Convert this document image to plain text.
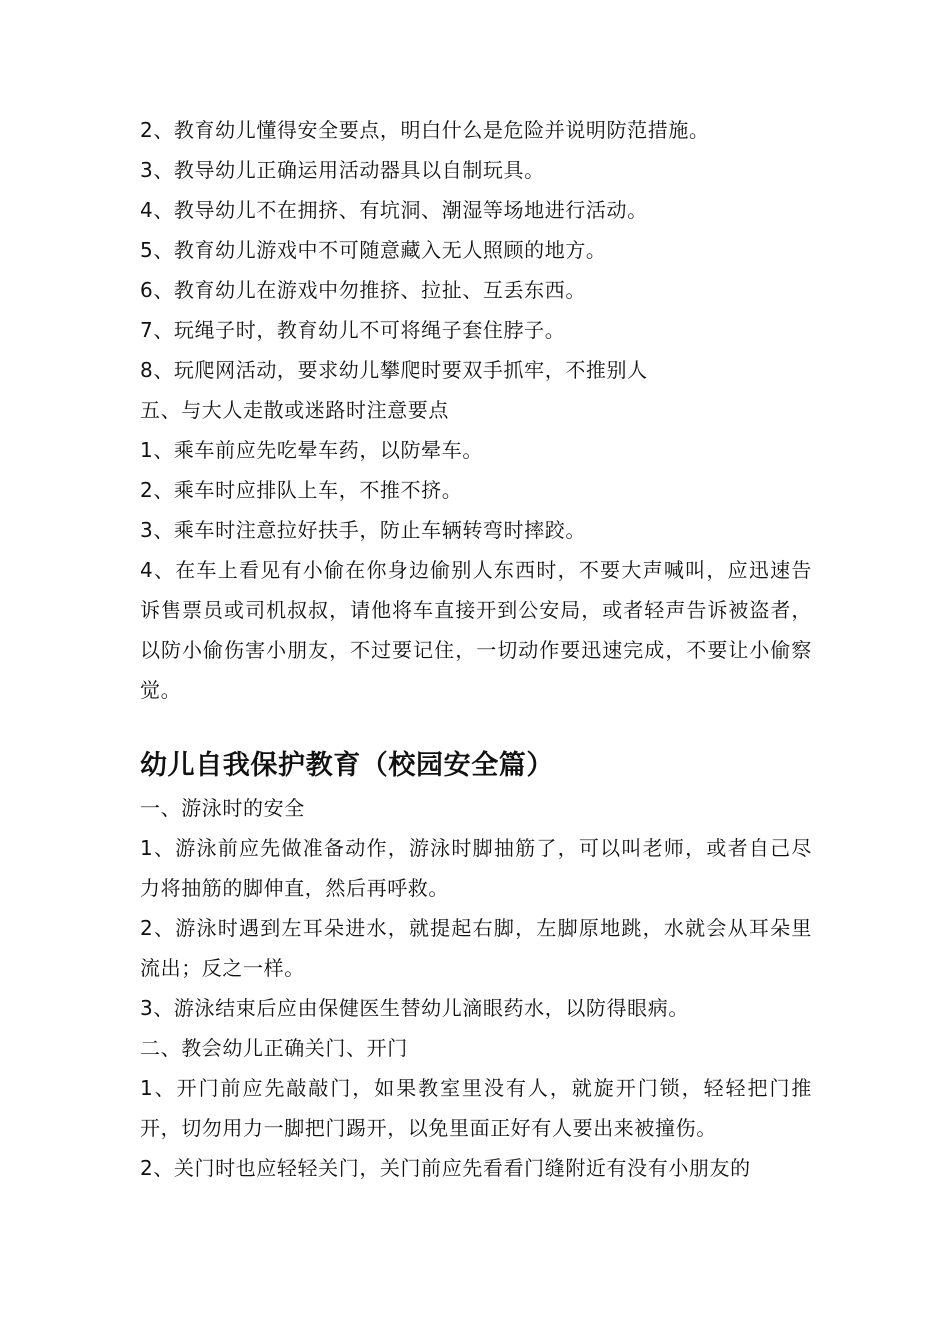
2、教育幼儿懂得安全要点，明白什么是危险并说明防范措施。

3、教导幼儿正确运用活动器具以自制玩具。

4、教导幼儿不在拥挤、有坑洞、潮湿等场地进行活动。

5、教育幼儿游戏中不可随意藏入无人照顾的地方。

6、教育幼儿在游戏中勿推挤、拉扯、互丢东西。

7、玩绳子时，教育幼儿不可将绳子套住脖子。

8、玩爬网活动，要求幼儿攀爬时要双手抓牢，不推别人

五、与大人走散或迷路时注意要点

1、乘车前应先吃晕车药，以防晕车。

2、乘车时应排队上车，不推不挤。

3、乘车时注意拉好扶手，防止车辆转弯时摔跤。

4、在车上看见有小偷在你身边偷别人东西时，不要大声喊叫，应迅速告诉售票员或司机叔叔，请他将车直接开到公安局，或者轻声告诉被盗者，以防小偷伤害小朋友，不过要记住，一切动作要迅速完成，不要让小偷察觉。

幼儿自我保护教育（校园安全篇）

一、游泳时的安全

1、游泳前应先做准备动作，游泳时脚抽筋了，可以叫老师，或者自己尽力将抽筋的脚伸直，然后再呼救。

2、游泳时遇到左耳朵进水，就提起右脚，左脚原地跳，水就会从耳朵里流出；反之一样。

3、游泳结束后应由保健医生替幼儿滴眼药水，以防得眼病。

二、教会幼儿正确关门、开门

1、开门前应先敲敲门，如果教室里没有人，就旋开门锁，轻轻把门推开，切勿用力一脚把门踢开，以免里面正好有人要出来被撞伤。

2、关门时也应轻轻关门，关门前应先看看门缝附近有没有小朋友的
